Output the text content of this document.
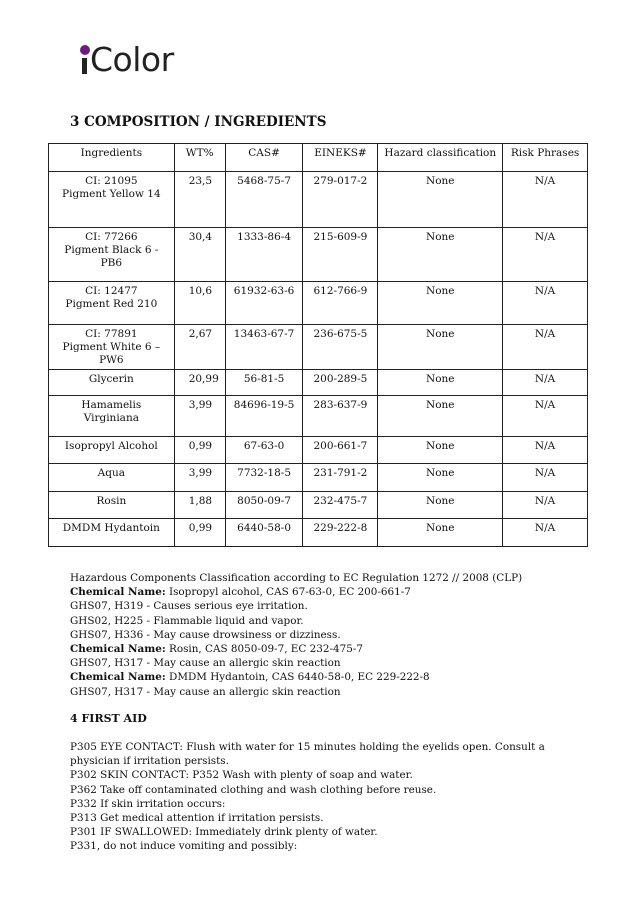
Color
3 COMPOSITION / INGREDIENTS
Ingredients	WT%	CAS#	EINEKS#	Hazard classification	Risk Phrases
CI: 21095
Pigment Yellow 14	23,5	5468-75-7	279-017-2	None	N/A
CI: 77266
Pigment Black 6 -
PB6	30,4	1333-86-4	215-609-9	None	N/A
CI: 12477
Pigment Red 210	10,6	61932-63-6	612-766-9	None	N/A
CI: 77891
Pigment White 6 –
PW6	2,67	13463-67-7	236-675-5	None	N/A
Glycerin	20,99	56-81-5	200-289-5	None	N/A
Hamamelis
Virginiana	3,99	84696-19-5	283-637-9	None	N/A
Isopropyl Alcohol	0,99	67-63-0	200-661-7	None	N/A
Aqua	3,99	7732-18-5	231-791-2	None	N/A
Rosin	1,88	8050-09-7	232-475-7	None	N/A
DMDM Hydantoin	0,99	6440-58-0	229-222-8	None	N/A
Hazardous Components Classification according to EC Regulation 1272 // 2008 (CLP)
Chemical Name: Isopropyl alcohol, CAS 67-63-0, EC 200-661-7
GHS07, H319 - Causes serious eye irritation.
GHS02, H225 - Flammable liquid and vapor.
GHS07, H336 - May cause drowsiness or dizziness.
Chemical Name: Rosin, CAS 8050-09-7, EC 232-475-7
GHS07, H317 - May cause an allergic skin reaction
Chemical Name: DMDM Hydantoin, CAS 6440-58-0, EC 229-222-8
GHS07, H317 - May cause an allergic skin reaction
4 FIRST AID
P305 EYE CONTACT: Flush with water for 15 minutes holding the eyelids open. Consult a physician if irritation persists.
P302 SKIN CONTACT: P352 Wash with plenty of soap and water.
P362 Take off contaminated clothing and wash clothing before reuse.
P332 If skin irritation occurs:
P313 Get medical attention if irritation persists.
P301 IF SWALLOWED: Immediately drink plenty of water.
P331, do not induce vomiting and possibly:
